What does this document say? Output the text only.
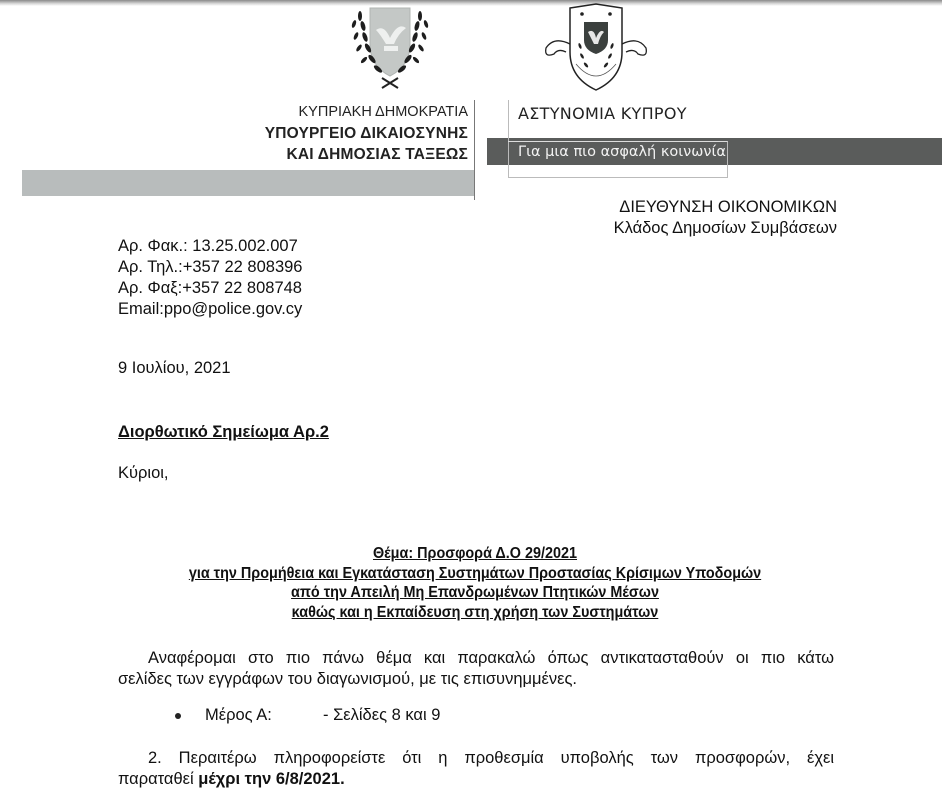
ΚΥΠΡΙΑΚΗ ΔΗΜΟΚΡΑΤΙΑ
ΥΠΟΥΡΓΕΙΟ ΔΙΚΑΙΟΣΥΝΗΣ
ΚΑΙ ΔΗΜΟΣΙΑΣ ΤΑΞΕΩΣ
ΑΣΤΥΝΟΜΙΑ ΚΥΠΡΟΥ
Για μια πιο ασφαλή κοινωνία
ΔΙΕΥΘΥΝΣΗ ΟΙΚΟΝΟΜΙΚΩΝ
Κλάδος Δημοσίων Συμβάσεων
Αρ. Φακ.: 13.25.002.007
Αρ. Τηλ.:+357 22 808396
Αρ. Φαξ:+357 22 808748
Email:ppo@police.gov.cy
9 Ιουλίου, 2021
Διορθωτικό Σημείωμα Αρ.2
Κύριοι,
Θέμα: Προσφορά Δ.Ο 29/2021
για την Προμήθεια και Εγκατάσταση Συστημάτων Προστασίας Κρίσιμων Υποδομών
από την Απειλή Μη Επανδρωμένων Πτητικών Μέσων
καθώς και η Εκπαίδευση στη χρήση των Συστημάτων
Αναφέρομαι στο πιο πάνω θέμα και παρακαλώ όπως αντικατασταθούν οι πιο κάτω
σελίδες των εγγράφων του διαγωνισμού, με τις επισυνημμένες.
Μέρος Α:	- Σελίδες 8 και 9
2. Περαιτέρω πληροφορείστε ότι η προθεσμία υποβολής των προσφορών, έχει
παραταθεί μέχρι την 6/8/2021.
